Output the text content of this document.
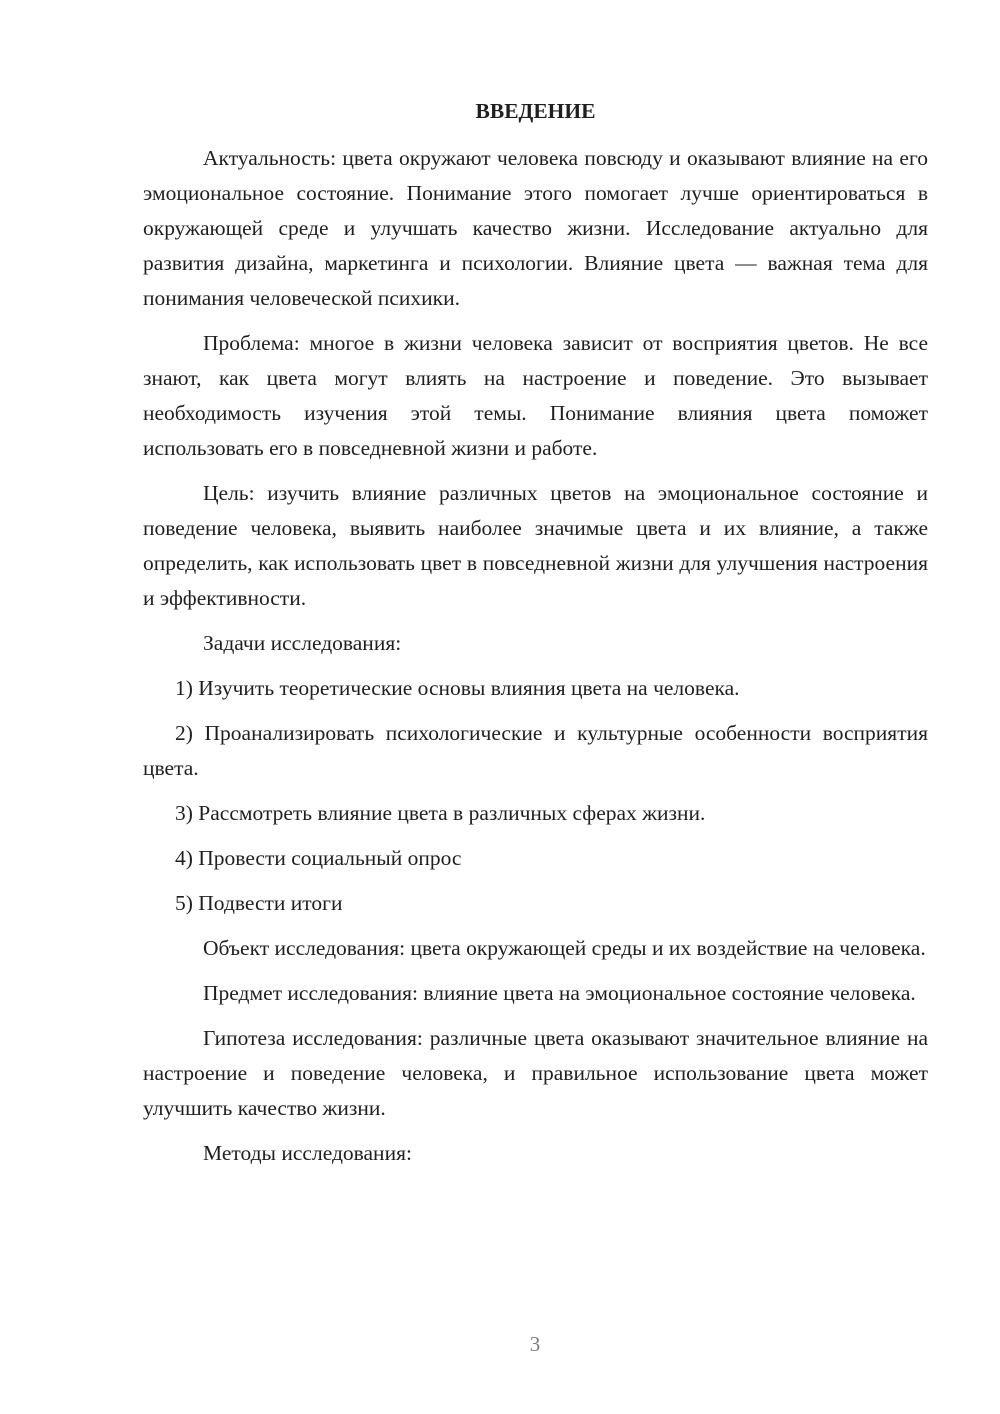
ВВЕДЕНИЕ

Актуальность: цвета окружают человека повсюду и оказывают влияние на его эмоциональное состояние. Понимание этого помогает лучше ориентироваться в окружающей среде и улучшать качество жизни. Исследование актуально для развития дизайна, маркетинга и психологии. Влияние цвета — важная тема для понимания человеческой психики.

Проблема: многое в жизни человека зависит от восприятия цветов. Не все знают, как цвета могут влиять на настроение и поведение. Это вызывает необходимость изучения этой темы. Понимание влияния цвета поможет использовать его в повседневной жизни и работе.

Цель: изучить влияние различных цветов на эмоциональное состояние и поведение человека, выявить наиболее значимые цвета и их влияние, а также определить, как использовать цвет в повседневной жизни для улучшения настроения и эффективности.

Задачи исследования:

1) Изучить теоретические основы влияния цвета на человека.

2) Проанализировать психологические и культурные особенности восприятия цвета.

3) Рассмотреть влияние цвета в различных сферах жизни.

4) Провести социальный опрос

5) Подвести итоги

Объект исследования: цвета окружающей среды и их воздействие на человека.

Предмет исследования: влияние цвета на эмоциональное состояние человека.

Гипотеза исследования: различные цвета оказывают значительное влияние на настроение и поведение человека, и правильное использование цвета может улучшить качество жизни.

Методы исследования:

3
